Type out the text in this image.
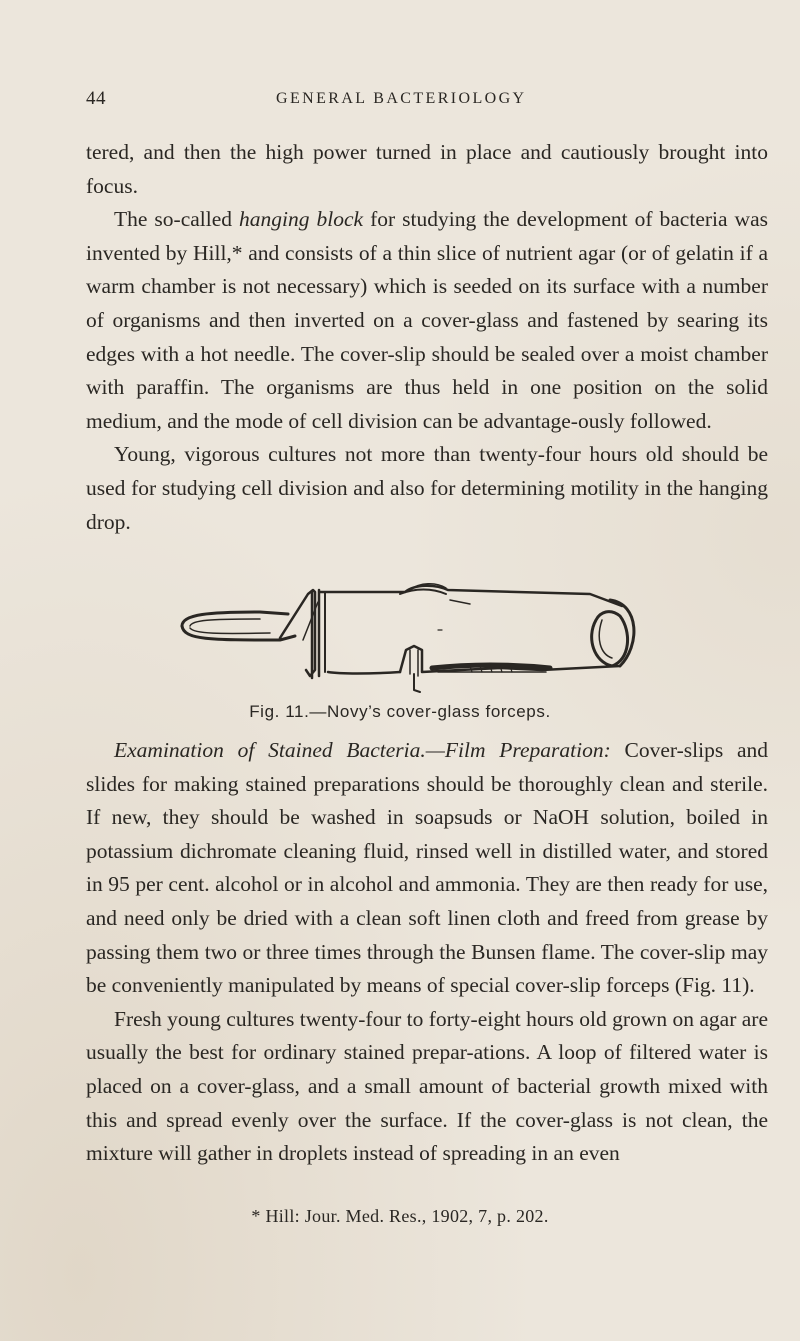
44	GENERAL BACTERIOLOGY

tered, and then the high power turned in place and cautiously brought into focus.

The so-called hanging block for studying the development of bacteria was invented by Hill,* and consists of a thin slice of nutrient agar (or of gelatin if a warm chamber is not necessary) which is seeded on its surface with a number of organisms and then inverted on a cover-glass and fastened by searing its edges with a hot needle. The cover-slip should be sealed over a moist chamber with paraffin. The organisms are thus held in one position on the solid medium, and the mode of cell division can be advantage-ously followed.

Young, vigorous cultures not more than twenty-four hours old should be used for studying cell division and also for determining motility in the hanging drop.

Fig. 11.—Novy’s cover-glass forceps.

Examination of Stained Bacteria.—Film Preparation: Cover-slips and slides for making stained preparations should be thoroughly clean and sterile. If new, they should be washed in soapsuds or NaOH solution, boiled in potassium dichromate cleaning fluid, rinsed well in distilled water, and stored in 95 per cent. alcohol or in alcohol and ammonia. They are then ready for use, and need only be dried with a clean soft linen cloth and freed from grease by passing them two or three times through the Bunsen flame. The cover-slip may be conveniently manipulated by means of special cover-slip forceps (Fig. 11).

Fresh young cultures twenty-four to forty-eight hours old grown on agar are usually the best for ordinary stained prepar-ations. A loop of filtered water is placed on a cover-glass, and a small amount of bacterial growth mixed with this and spread evenly over the surface. If the cover-glass is not clean, the mixture will gather in droplets instead of spreading in an even

* Hill: Jour. Med. Res., 1902, 7, p. 202.
